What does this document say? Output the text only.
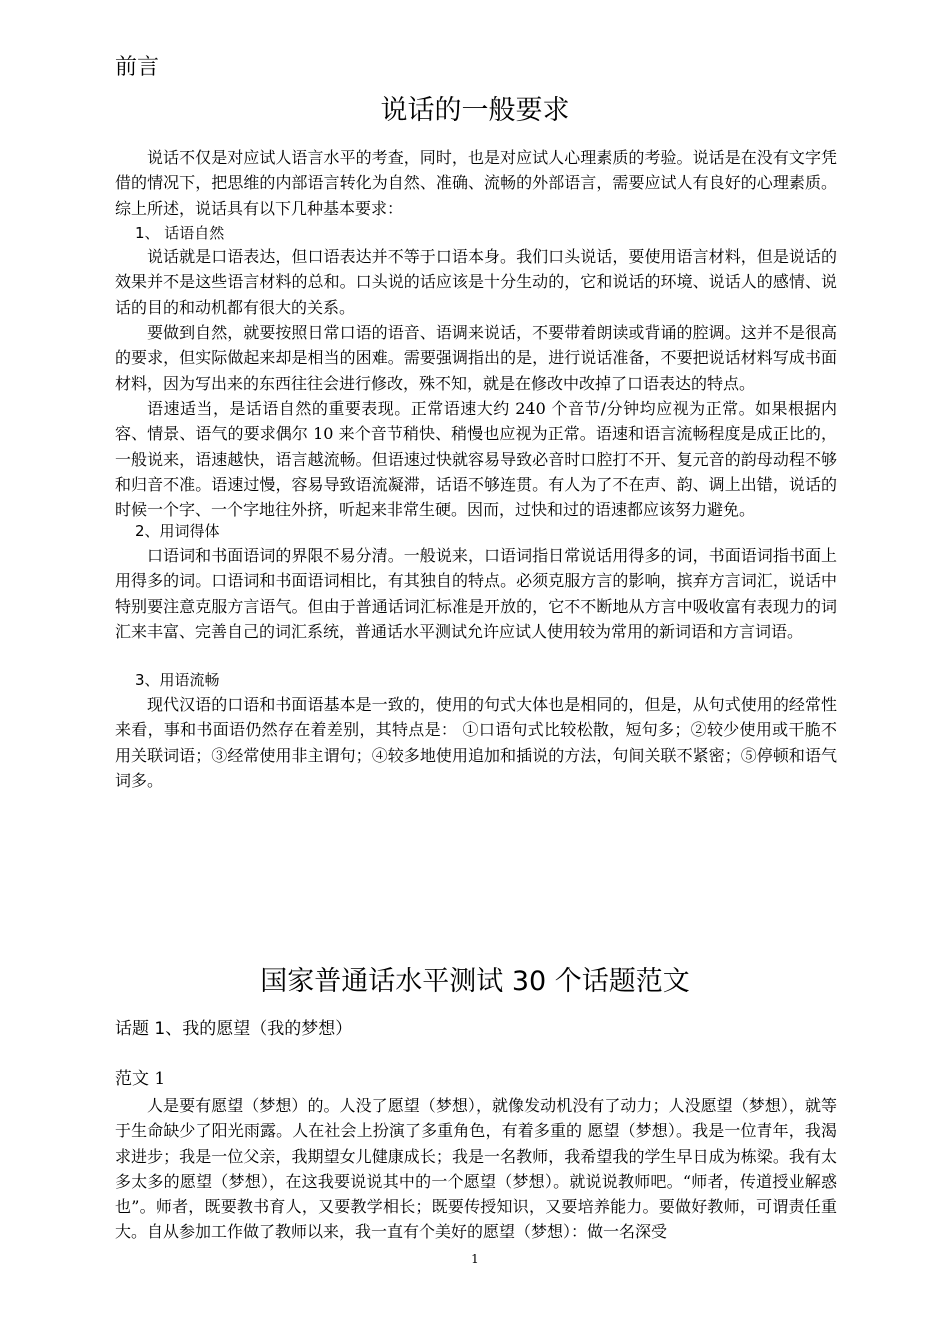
前言
说话的一般要求

说话不仅是对应试人语言水平的考查，同时，也是对应试人心理素质的考验。说话是在没有文字凭借的情况下，把思维的内部语言转化为自然、准确、流畅的外部语言，需要应试人有良好的心理素质。综上所述，说话具有以下几种基本要求：

1、 话语自然

说话就是口语表达，但口语表达并不等于口语本身。我们口头说话，要使用语言材料，但是说话的效果并不是这些语言材料的总和。口头说的话应该是十分生动的，它和说话的环境、说话人的感情、说话的目的和动机都有很大的关系。

要做到自然，就要按照日常口语的语音、语调来说话，不要带着朗读或背诵的腔调。这并不是很高的要求，但实际做起来却是相当的困难。需要强调指出的是，进行说话准备，不要把说话材料写成书面材料，因为写出来的东西往往会进行修改，殊不知，就是在修改中改掉了口语表达的特点。

语速适当，是话语自然的重要表现。正常语速大约 240 个音节/分钟均应视为正常。如果根据内容、情景、语气的要求偶尔 10 来个音节稍快、稍慢也应视为正常。语速和语言流畅程度是成正比的，一般说来，语速越快，语言越流畅。但语速过快就容易导致必音时口腔打不开、复元音的韵母动程不够和归音不准。语速过慢，容易导致语流凝滞，话语不够连贯。有人为了不在声、韵、调上出错，说话的时候一个字、一个字地往外挤，听起来非常生硬。因而，过快和过的语速都应该努力避免。

2、用词得体

口语词和书面语词的界限不易分清。一般说来，口语词指日常说话用得多的词，书面语词指书面上用得多的词。口语词和书面语词相比，有其独自的特点。必须克服方言的影响，摈弃方言词汇，说话中特别要注意克服方言语气。但由于普通话词汇标准是开放的，它不不断地从方言中吸收富有表现力的词汇来丰富、完善自己的词汇系统，普通话水平测试允许应试人使用较为常用的新词语和方言词语。

3、用语流畅

现代汉语的口语和书面语基本是一致的，使用的句式大体也是相同的，但是，从句式使用的经常性来看，事和书面语仍然存在着差别，其特点是： ①口语句式比较松散，短句多；②较少使用或干脆不用关联词语；③经常使用非主谓句；④较多地使用追加和插说的方法，句间关联不紧密；⑤停顿和语气词多。

国家普通话水平测试 30 个话题范文
话题 1、我的愿望（我的梦想）
范文 1

人是要有愿望（梦想）的。人没了愿望（梦想），就像发动机没有了动力；人没愿望（梦想），就等于生命缺少了阳光雨露。人在社会上扮演了多重角色，有着多重的 愿望（梦想）。我是一位青年，我渴求进步；我是一位父亲，我期望女儿健康成长；我是一名教师，我希望我的学生早日成为栋梁。我有太多太多的愿望（梦想），在这我要说说其中的一个愿望（梦想）。就说说教师吧。“师者，传道授业解惑也”。师者，既要教书育人，又要教学相长；既要传授知识，又要培养能力。要做好教师，可谓责任重大。自从参加工作做了教师以来，我一直有个美好的愿望（梦想）：做一名深受

1
